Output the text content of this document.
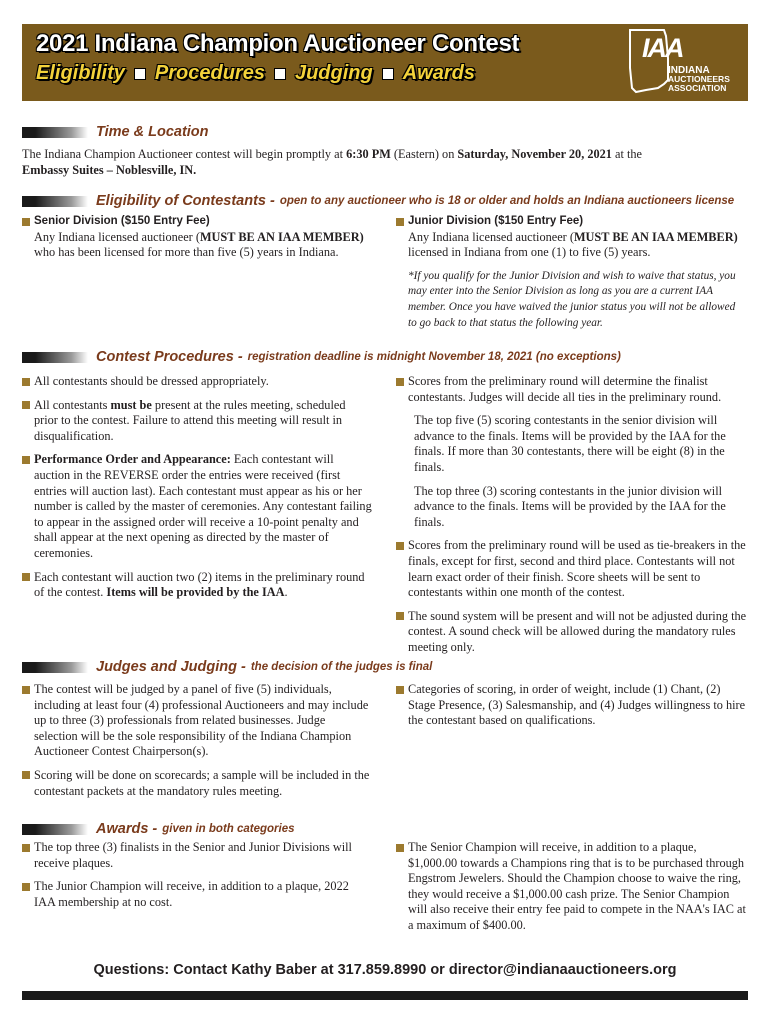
2021 Indiana Champion Auctioneer Contest
Eligibility Procedures Judging Awards
IAA
INDIANA
AUCTIONEERS
ASSOCIATION
Time & Location
The Indiana Champion Auctioneer contest will begin promptly at 6:30 PM (Eastern) on Saturday, November 20, 2021 at the
Embassy Suites – Noblesville, IN.
Eligibility of Contestants - open to any auctioneer who is 18 or older and holds an Indiana auctioneers license
Senior Division ($150 Entry Fee)
Any Indiana licensed auctioneer (MUST BE AN IAA MEMBER) who has been licensed for more than five (5) years in Indiana.
Junior Division ($150 Entry Fee)
Any Indiana licensed auctioneer (MUST BE AN IAA MEMBER) licensed in Indiana from one (1) to five (5) years.
*If you qualify for the Junior Division and wish to waive that status, you may enter into the Senior Division as long as you are a current IAA member. Once you have waived the junior status you will not be allowed to go back to that status the following year.
Contest Procedures - registration deadline is midnight November 18, 2021 (no exceptions)
All contestants should be dressed appropriately.
All contestants must be present at the rules meeting, scheduled prior to the contest. Failure to attend this meeting will result in disqualification.
Performance Order and Appearance: Each contestant will auction in the REVERSE order the entries were received (first entries will auction last). Each contestant must appear as his or her number is called by the master of ceremonies. Any contestant failing to appear in the assigned order will receive a 10-point penalty and shall appear at the next opening as directed by the master of ceremonies.
Each contestant will auction two (2) items in the preliminary round of the contest. Items will be provided by the IAA.
Scores from the preliminary round will determine the finalist contestants. Judges will decide all ties in the preliminary round.
The top five (5) scoring contestants in the senior division will advance to the finals. Items will be provided by the IAA for the finals. If more than 30 contestants, there will be eight (8) in the finals.
The top three (3) scoring contestants in the junior division will advance to the finals. Items will be provided by the IAA for the finals.
Scores from the preliminary round will be used as tie-breakers in the finals, except for first, second and third place. Contestants will not learn exact order of their finish. Score sheets will be sent to contestants within one month of the contest.
The sound system will be present and will not be adjusted during the contest. A sound check will be allowed during the mandatory rules meeting only.
Judges and Judging - the decision of the judges is final
The contest will be judged by a panel of five (5) individuals, including at least four (4) professional Auctioneers and may include up to three (3) professionals from related businesses. Judge selection will be the sole responsibility of the Indiana Champion Auctioneer Contest Chairperson(s).
Scoring will be done on scorecards; a sample will be included in the contestant packets at the mandatory rules meeting.
Categories of scoring, in order of weight, include (1) Chant, (2) Stage Presence, (3) Salesmanship, and (4) Judges willingness to hire the contestant based on qualifications.
Awards - given in both categories
The top three (3) finalists in the Senior and Junior Divisions will receive plaques.
The Junior Champion will receive, in addition to a plaque, 2022 IAA membership at no cost.
The Senior Champion will receive, in addition to a plaque, $1,000.00 towards a Champions ring that is to be purchased through Engstrom Jewelers. Should the Champion choose to waive the ring, they would receive a $1,000.00 cash prize. The Senior Champion will also receive their entry fee paid to compete in the NAA's IAC at a maximum of $400.00.
Questions: Contact Kathy Baber at 317.859.8990 or director@indianaauctioneers.org
